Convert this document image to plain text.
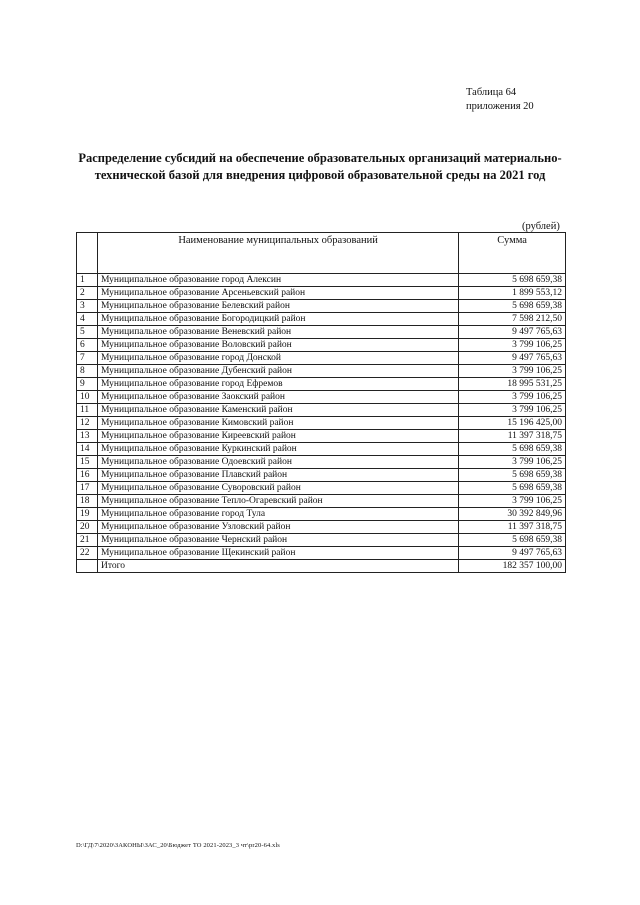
Таблица 64
приложения 20
Распределение субсидий на обеспечение образовательных организаций материально-технической базой для внедрения цифровой образовательной среды на 2021 год
(рублей)
	Наименование муниципальных образований	Сумма
1	Муниципальное образование город Алексин	5 698 659,38
2	Муниципальное образование Арсеньевский район	1 899 553,12
3	Муниципальное образование Белевский район	5 698 659,38
4	Муниципальное образование Богородицкий район	7 598 212,50
5	Муниципальное образование Веневский район	9 497 765,63
6	Муниципальное образование Воловский район	3 799 106,25
7	Муниципальное образование город Донской	9 497 765,63
8	Муниципальное образование Дубенский район	3 799 106,25
9	Муниципальное образование город Ефремов	18 995 531,25
10	Муниципальное образование Заокский район	3 799 106,25
11	Муниципальное образование Каменский район	3 799 106,25
12	Муниципальное образование Кимовский район	15 196 425,00
13	Муниципальное образование Киреевский район	11 397 318,75
14	Муниципальное образование Куркинский район	5 698 659,38
15	Муниципальное образование Одоевский район	3 799 106,25
16	Муниципальное образование Плавский район	5 698 659,38
17	Муниципальное образование Суворовский район	5 698 659,38
18	Муниципальное образование Тепло-Огаревский район	3 799 106,25
19	Муниципальное образование город Тула	30 392 849,96
20	Муниципальное образование Узловский район	11 397 318,75
21	Муниципальное образование Чернский район	5 698 659,38
22	Муниципальное образование Щекинский район	9 497 765,63
	Итого	182 357 100,00
D:\ГД\7\2020\ЗАКОНЫ\ЗАС_20\Бюджет ТО 2021-2023_3 чт\pr20-64.xls
